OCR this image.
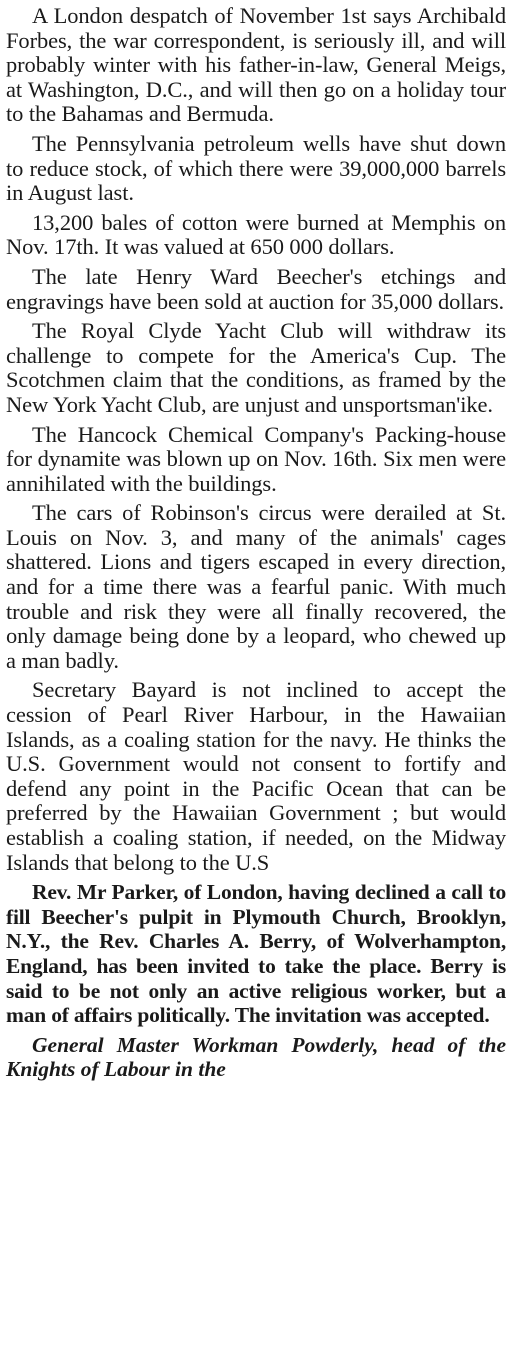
A London despatch of November 1st says Archibald Forbes, the war correspondent, is seriously ill, and will probably winter with his father-in-law, General Meigs, at Washington, D.C., and will then go on a holiday tour to the Bahamas and Bermuda.

The Pennsylvania petroleum wells have shut down to reduce stock, of which there were 39,000,000 barrels in August last.

13,200 bales of cotton were burned at Memphis on Nov. 17th. It was valued at 650 000 dollars.

The late Henry Ward Beecher's etchings and engravings have been sold at auction for 35,000 dollars.

The Royal Clyde Yacht Club will withdraw its challenge to compete for the America's Cup. The Scotchmen claim that the conditions, as framed by the New York Yacht Club, are unjust and unsportsman'ike.

The Hancock Chemical Company's Packing-house for dynamite was blown up on Nov. 16th. Six men were annihilated with the buildings.

The cars of Robinson's circus were derailed at St. Louis on Nov. 3, and many of the animals' cages shattered. Lions and tigers escaped in every direction, and for a time there was a fearful panic. With much trouble and risk they were all finally recovered, the only damage being done by a leopard, who chewed up a man badly.

Secretary Bayard is not inclined to accept the cession of Pearl River Harbour, in the Hawaiian Islands, as a coaling station for the navy. He thinks the U.S. Government would not consent to fortify and defend any point in the Pacific Ocean that can be preferred by the Hawaiian Government ; but would establish a coaling station, if needed, on the Midway Islands that belong to the U.S

Rev. Mr Parker, of London, having declined a call to fill Beecher's pulpit in Plymouth Church, Brooklyn, N.Y., the Rev. Charles A. Berry, of Wolverhampton, England, has been invited to take the place. Berry is said to be not only an active religious worker, but a man of affairs politically. The invitation was accepted.

General Master Workman Powderly, head of the Knights of Labour in the
